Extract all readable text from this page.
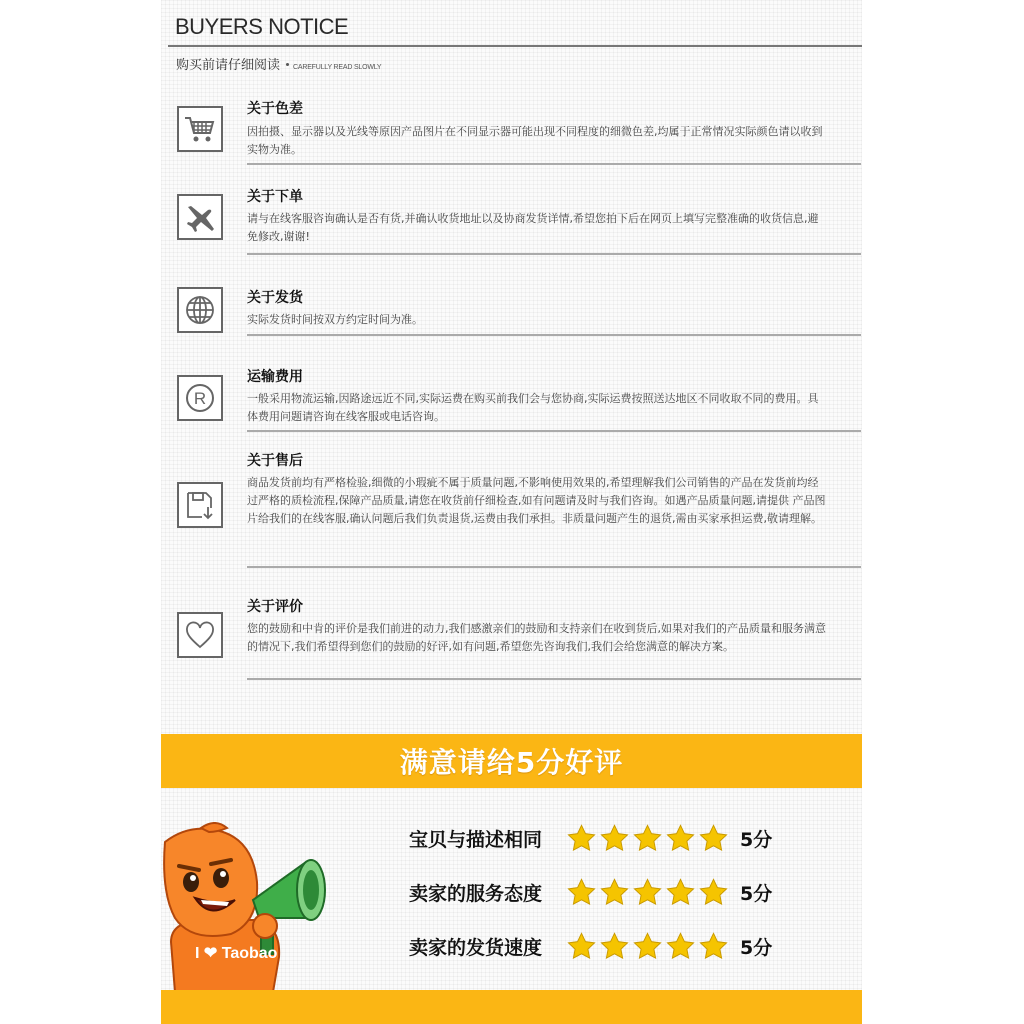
BUYERS NOTICE
购买前请仔细阅读 CAREFULLY READ SLOWLY
关于色差
因拍摄、显示器以及光线等原因产品图片在不同显示器可能出现不同程度的细微色差,均属于正常情况实际颜色请以收到实物为准。
关于下单
请与在线客服咨询确认是否有货,并确认收货地址以及协商发货详情,希望您拍下后在网页上填写完整准确的收货信息,避免修改,谢谢!
关于发货
实际发货时间按双方约定时间为准。
R
运输费用
一般采用物流运输,因路途远近不同,实际运费在购买前我们会与您协商,实际运费按照送达地区不同收取不同的费用。具体费用问题请咨询在线客服或电话咨询。
关于售后
商品发货前均有严格检验,细微的小瑕疵不属于质量问题,不影响使用效果的,希望理解我们公司销售的产品在发货前均经过严格的质检流程,保障产品质量,请您在收货前仔细检查,如有问题请及时与我们咨询。如遇产品质量问题,请提供 产品图片给我们的在线客服,确认问题后我们负责退货,运费由我们承担。非质量问题产生的退货,需由买家承担运费,敬请理解。
关于评价
您的鼓励和中肯的评价是我们前进的动力,我们感激亲们的鼓励和支持亲们在收到货后,如果对我们的产品质量和服务满意的情况下,我们希望得到您们的鼓励的好评,如有问题,希望您先咨询我们,我们会给您满意的解决方案。
满意请给5分好评
I ❤ Taobao
宝贝与描述相同	5分
卖家的服务态度	5分
卖家的发货速度	5分
